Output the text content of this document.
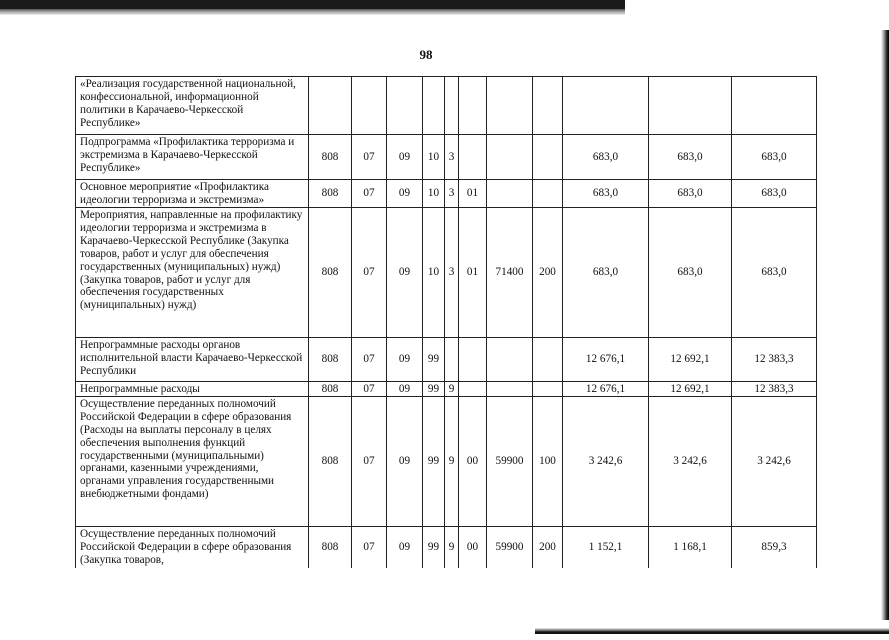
98
«Реализация государственной национальной, конфессиональной, информационной политики в Карачаево-Черкесской Республике»											
Подпрограмма «Профилактика терроризма и экстремизма в Карачаево-Черкесской Республике»	808	07	09	10	3				683,0	683,0	683,0
Основное мероприятие «Профилактика идеологии терроризма и экстремизма»	808	07	09	10	3	01			683,0	683,0	683,0
Мероприятия, направленные на профилактику идеологии терроризма и экстремизма в Карачаево-Черкесской Республике (Закупка товаров, работ и услуг для обеспечения государственных (муниципальных) нужд) (Закупка товаров, работ и услуг для обеспечения государственных (муниципальных) нужд)	808	07	09	10	3	01	71400	200	683,0	683,0	683,0
Непрограммные расходы органов исполнительной власти Карачаево-Черкесской Республики	808	07	09	99					12 676,1	12 692,1	12 383,3
Непрограммные расходы	808	07	09	99	9				12 676,1	12 692,1	12 383,3
Осуществление переданных полномочий Российской Федерации в сфере образования (Расходы на выплаты персоналу в целях обеспечения выполнения функций государственными (муниципальными) органами, казенными учреждениями, органами управления государственными внебюджетными фондами)	808	07	09	99	9	00	59900	100	3 242,6	3 242,6	3 242,6
Осуществление переданных полномочий Российской Федерации в сфере образования (Закупка товаров,	808	07	09	99	9	00	59900	200	1 152,1	1 168,1	859,3
